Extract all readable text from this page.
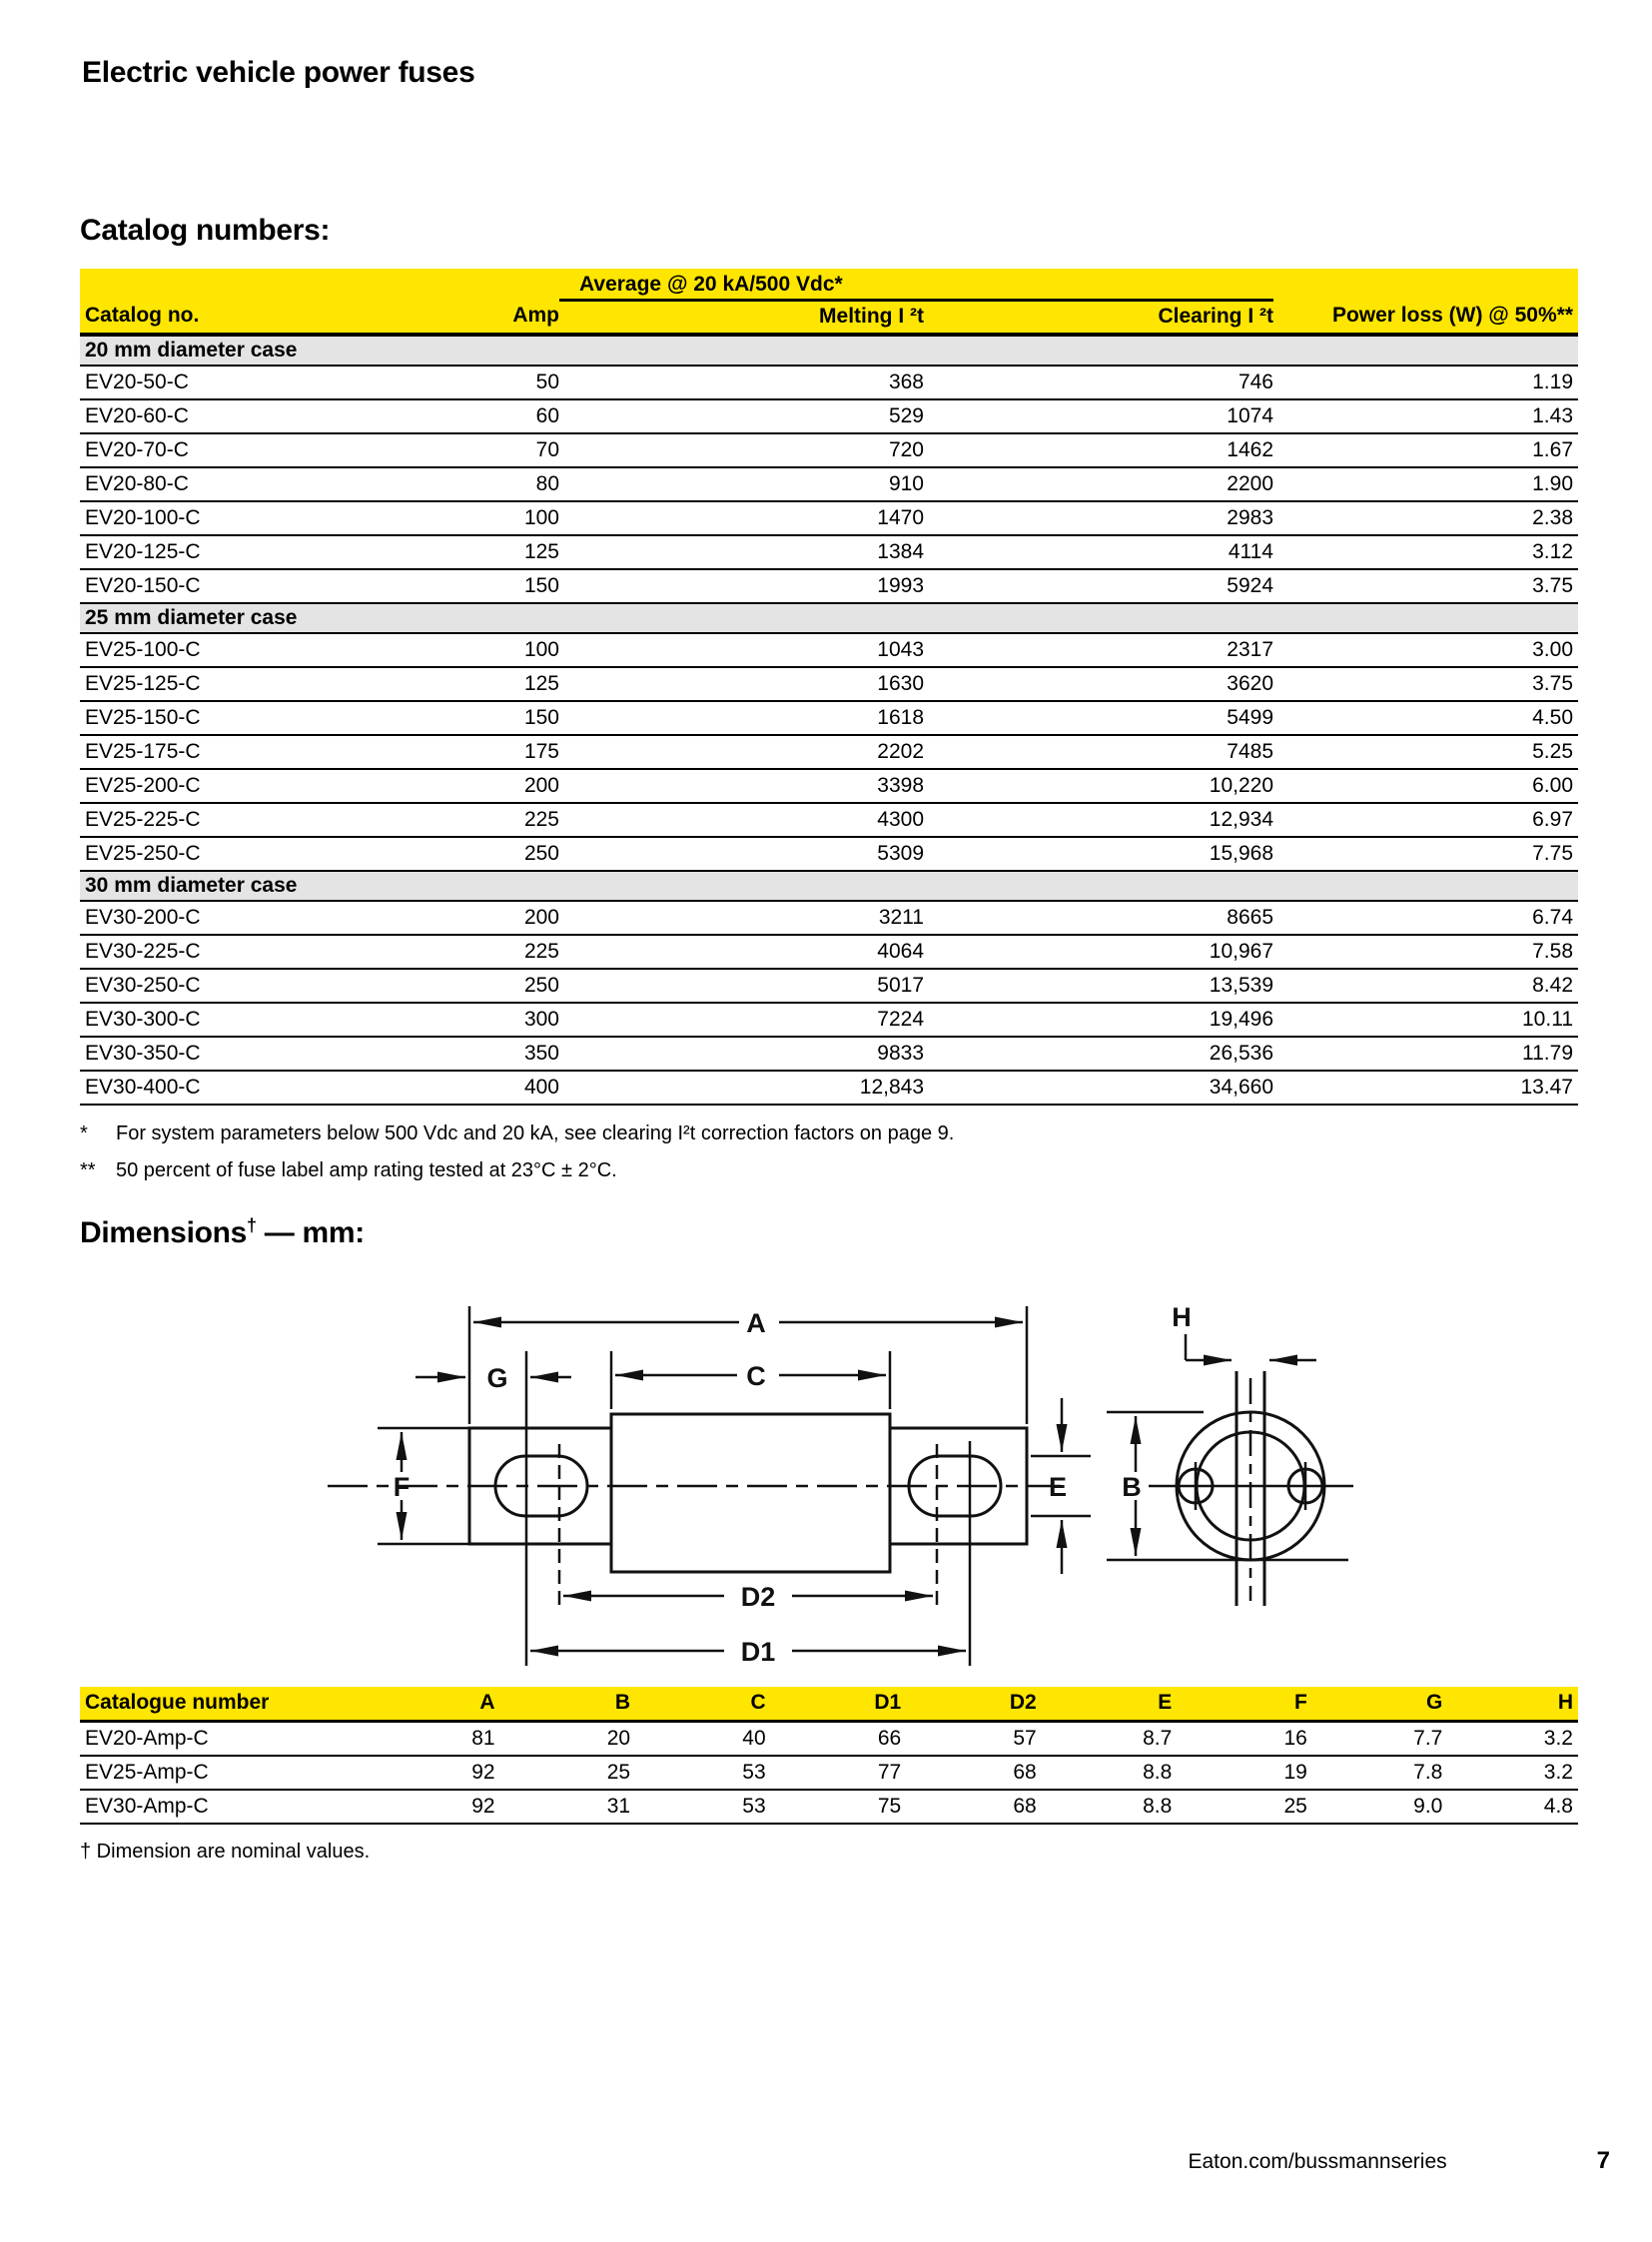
Electric vehicle power fuses
Catalog numbers:
		Average @ 20 kA/500 Vdc*		
Catalog no.	Amp	Melting I ²t	Clearing I ²t	Power loss (W) @ 50%**
20 mm diameter case				
EV20-50-C	50	368	746	1.19
EV20-60-C	60	529	1074	1.43
EV20-70-C	70	720	1462	1.67
EV20-80-C	80	910	2200	1.90
EV20-100-C	100	1470	2983	2.38
EV20-125-C	125	1384	4114	3.12
EV20-150-C	150	1993	5924	3.75
25 mm diameter case				
EV25-100-C	100	1043	2317	3.00
EV25-125-C	125	1630	3620	3.75
EV25-150-C	150	1618	5499	4.50
EV25-175-C	175	2202	7485	5.25
EV25-200-C	200	3398	10,220	6.00
EV25-225-C	225	4300	12,934	6.97
EV25-250-C	250	5309	15,968	7.75
30 mm diameter case				
EV30-200-C	200	3211	8665	6.74
EV30-225-C	225	4064	10,967	7.58
EV30-250-C	250	5017	13,539	8.42
EV30-300-C	300	7224	19,496	10.11
EV30-350-C	350	9833	26,536	11.79
EV30-400-C	400	12,843	34,660	13.47
*	For system parameters below 500 Vdc and 20 kA, see clearing I²t correction factors on page 9.
**	50 percent of fuse label amp rating tested at 23°C ± 2°C.
Dimensions† — mm:
A
G	C
F	E
D2
D1
B
H
Catalogue number	A	B	C	D1	D2	E	F	G	H
EV20-Amp-C	81	20	40	66	57	8.7	16	7.7	3.2
EV25-Amp-C	92	25	53	77	68	8.8	19	7.8	3.2
EV30-Amp-C	92	31	53	75	68	8.8	25	9.0	4.8
† Dimension are nominal values.
Eaton.com/bussmannseries	7
